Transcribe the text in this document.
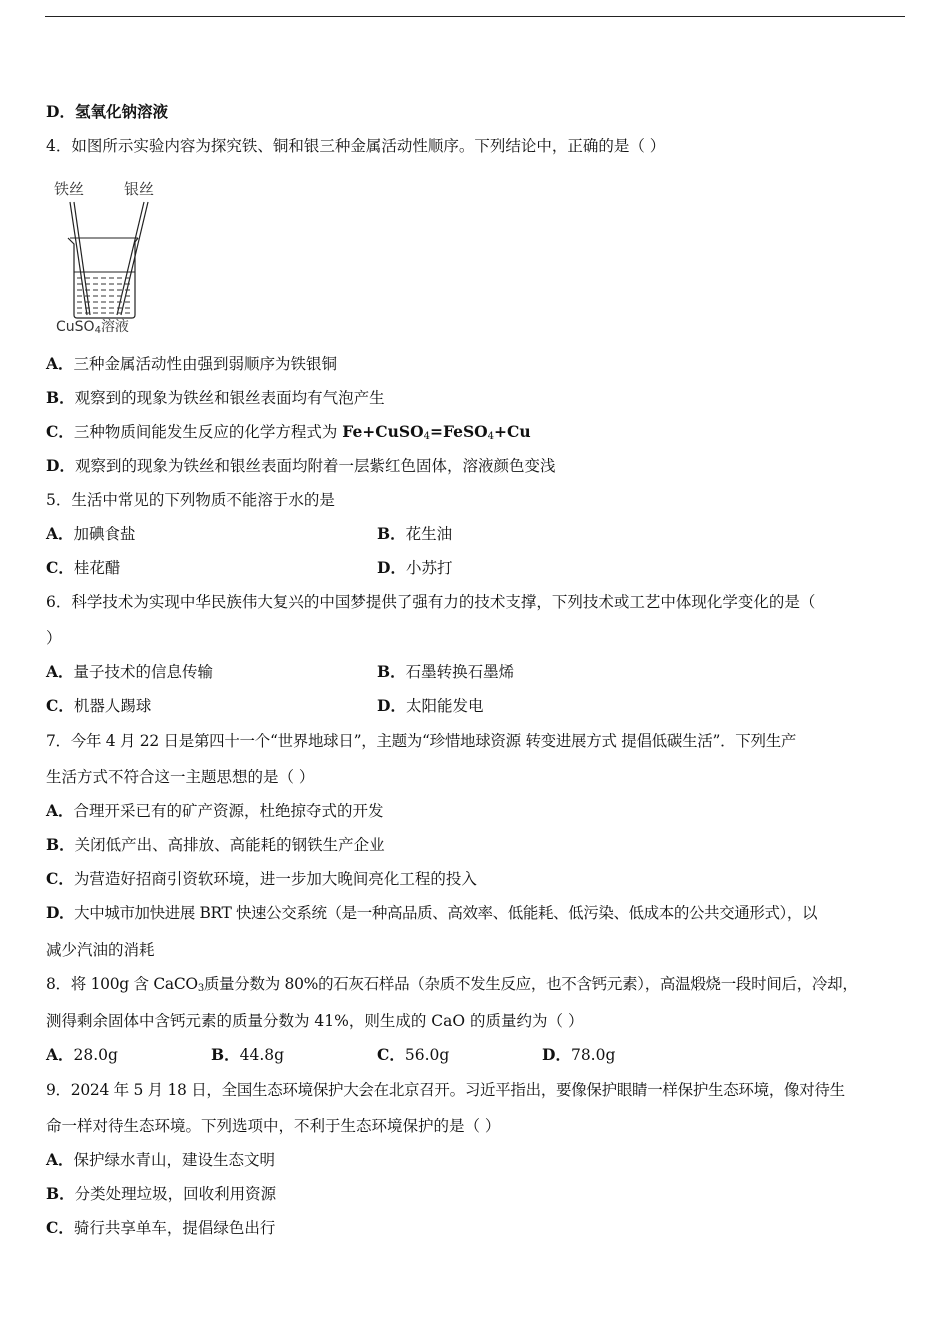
D．氢氧化钠溶液
4．如图所示实验内容为探究铁、铜和银三种金属活动性顺序。下列结论中，正确的是（ ）
铁丝	银丝
CuSO$_4$溶液
A．三种金属活动性由强到弱顺序为铁银铜
B．观察到的现象为铁丝和银丝表面均有气泡产生
C．三种物质间能发生反应的化学方程式为 Fe+CuSO$_4$=FeSO$_4$+Cu
D．观察到的现象为铁丝和银丝表面均附着一层紫红色固体，溶液颜色变浅
5．生活中常见的下列物质不能溶于水的是
A．加碘食盐	B．花生油
C．桂花醋	D．小苏打
6．科学技术为实现中华民族伟大复兴的中国梦提供了强有力的技术支撑，下列技术或工艺中体现化学变化的是（
）
A．量子技术的信息传输	B．石墨转换石墨烯
C．机器人踢球	D．太阳能发电
7．今年 4 月 22 日是第四十一个“世界地球日”，主题为“珍惜地球资源 转变进展方式 提倡低碳生活”．下列生产
生活方式不符合这一主题思想的是（ ）
A．合理开采已有的矿产资源，杜绝掠夺式的开发
B．关闭低产出、高排放、高能耗的钢铁生产企业
C．为营造好招商引资软环境，进一步加大晚间亮化工程的投入
D．大中城市加快进展 BRT 快速公交系统（是一种高品质、高效率、低能耗、低污染、低成本的公共交通形式），以
减少汽油的消耗
8．将 100g 含 CaCO$_3$质量分数为 80%的石灰石样品（杂质不发生反应，也不含钙元素），高温煅烧一段时间后，冷却，
测得剩余固体中含钙元素的质量分数为 41%，则生成的 CaO 的质量约为（ ）
A．28.0g	B．44.8g	C．56.0g	D．78.0g
9．2024 年 5 月 18 日，全国生态环境保护大会在北京召开。习近平指出，要像保护眼睛一样保护生态环境，像对待生
命一样对待生态环境。下列选项中，不利于生态环境保护的是（ ）
A．保护绿水青山，建设生态文明
B．分类处理垃圾，回收利用资源
C．骑行共享单车，提倡绿色出行
